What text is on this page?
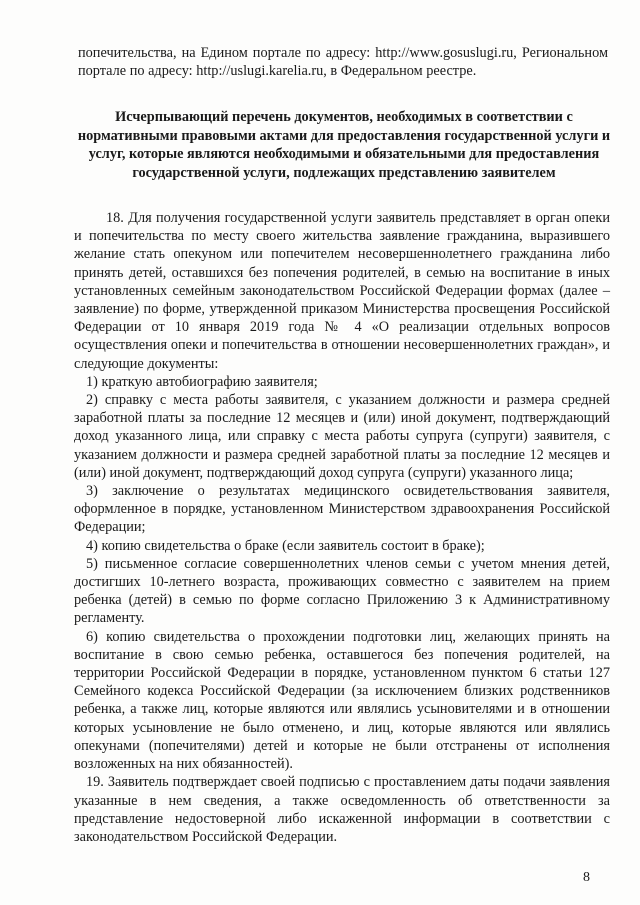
попечительства, на Едином портале по адресу: http://www.gosuslugi.ru, Региональном портале по адресу: http://uslugi.karelia.ru, в Федеральном реестре.

Исчерпывающий перечень документов, необходимых в соответствии с нормативными правовыми актами для предоставления государственной услуги и услуг, которые являются необходимыми и обязательными для предоставления государственной услуги, подлежащих представлению заявителем

18. Для получения государственной услуги заявитель представляет в орган опеки и попечительства по месту своего жительства заявление гражданина, выразившего желание стать опекуном или попечителем несовершеннолетнего гражданина либо принять детей, оставшихся без попечения родителей, в семью на воспитание в иных установленных семейным законодательством Российской Федерации формах (далее – заявление) по форме, утвержденной приказом Министерства просвещения Российской Федерации от 10 января 2019 года № 4 «О реализации отдельных вопросов осуществления опеки и попечительства в отношении несовершеннолетних граждан», и следующие документы:

1) краткую автобиографию заявителя;

2) справку с места работы заявителя, с указанием должности и размера средней заработной платы за последние 12 месяцев и (или) иной документ, подтверждающий доход указанного лица, или справку с места работы супруга (супруги) заявителя, с указанием должности и размера средней заработной платы за последние 12 месяцев и (или) иной документ, подтверждающий доход супруга (супруги) указанного лица;

3) заключение о результатах медицинского освидетельствования заявителя, оформленное в порядке, установленном Министерством здравоохранения Российской Федерации;

4) копию свидетельства о браке (если заявитель состоит в браке);

5) письменное согласие совершеннолетних членов семьи с учетом мнения детей, достигших 10-летнего возраста, проживающих совместно с заявителем на прием ребенка (детей) в семью по форме согласно Приложению 3 к Административному регламенту.

6) копию свидетельства о прохождении подготовки лиц, желающих принять на воспитание в свою семью ребенка, оставшегося без попечения родителей, на территории Российской Федерации в порядке, установленном пунктом 6 статьи 127 Семейного кодекса Российской Федерации (за исключением близких родственников ребенка, а также лиц, которые являются или являлись усыновителями и в отношении которых усыновление не было отменено, и лиц, которые являются или являлись опекунами (попечителями) детей и которые не были отстранены от исполнения возложенных на них обязанностей).

19. Заявитель подтверждает своей подписью с проставлением даты подачи заявления указанные в нем сведения, а также осведомленность об ответственности за представление недостоверной либо искаженной информации в соответствии с законодательством Российской Федерации.

8
